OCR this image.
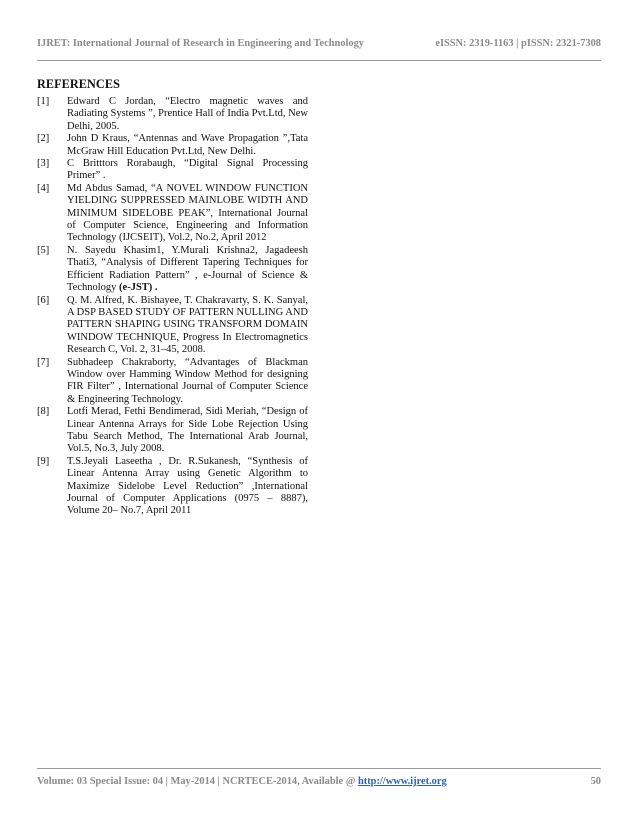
IJRET: International Journal of Research in Engineering and Technology	eISSN: 2319-1163 | pISSN: 2321-7308
REFERENCES
[1] Edward C Jordan, “Electro magnetic waves and Radiating Systems ”, Prentice Hall of India Pvt.Ltd, New Delhi, 2005.
[2] John D Kraus, “Antennas and Wave Propagation ”,Tata McGraw Hill Education Pvt.Ltd, New Delhi.
[3] C Britttors Rorabaugh, “Digital Signal Processing Primer” .
[4] Md Abdus Samad, “A NOVEL WINDOW FUNCTION YIELDING SUPPRESSED MAINLOBE WIDTH AND MINIMUM SIDELOBE PEAK”, International Journal of Computer Science, Engineering and Information Technology (IJCSEIT), Vol.2, No.2, April 2012
[5] N. Sayedu Khasim1, Y.Murali Krishna2, Jagadeesh Thati3, “Analysis of Different Tapering Techniques for Efficient Radiation Pattern” , e-Journal of Science & Technology (e-JST) .
[6] Q. M. Alfred, K. Bishayee, T. Chakravarty, S. K. Sanyal, A DSP BASED STUDY OF PATTERN NULLING AND PATTERN SHAPING USING TRANSFORM DOMAIN WINDOW TECHNIQUE, Progress In Electromagnetics Research C, Vol. 2, 31–45, 2008.
[7] Subhadeep Chakraborty, “Advantages of Blackman Window over Hamming Window Method for designing FIR Filter” , International Journal of Computer Science & Engineering Technology.
[8] Lotfi Merad, Fethi Bendimerad, Sidi Meriah, “Design of Linear Antenna Arrays for Side Lobe Rejection Using Tabu Search Method, The International Arab Journal, Vol.5, No.3, July 2008.
[9] T.S.Jeyali Laseetha , Dr. R.Sukanesh, “Synthesis of Linear Antenna Array using Genetic Algorithm to Maximize Sidelobe Level Reduction” ,International Journal of Computer Applications (0975 – 8887), Volume 20– No.7, April 2011
Volume: 03 Special Issue: 04 | May-2014 | NCRTECE-2014, Available @ http://www.ijret.org	50
